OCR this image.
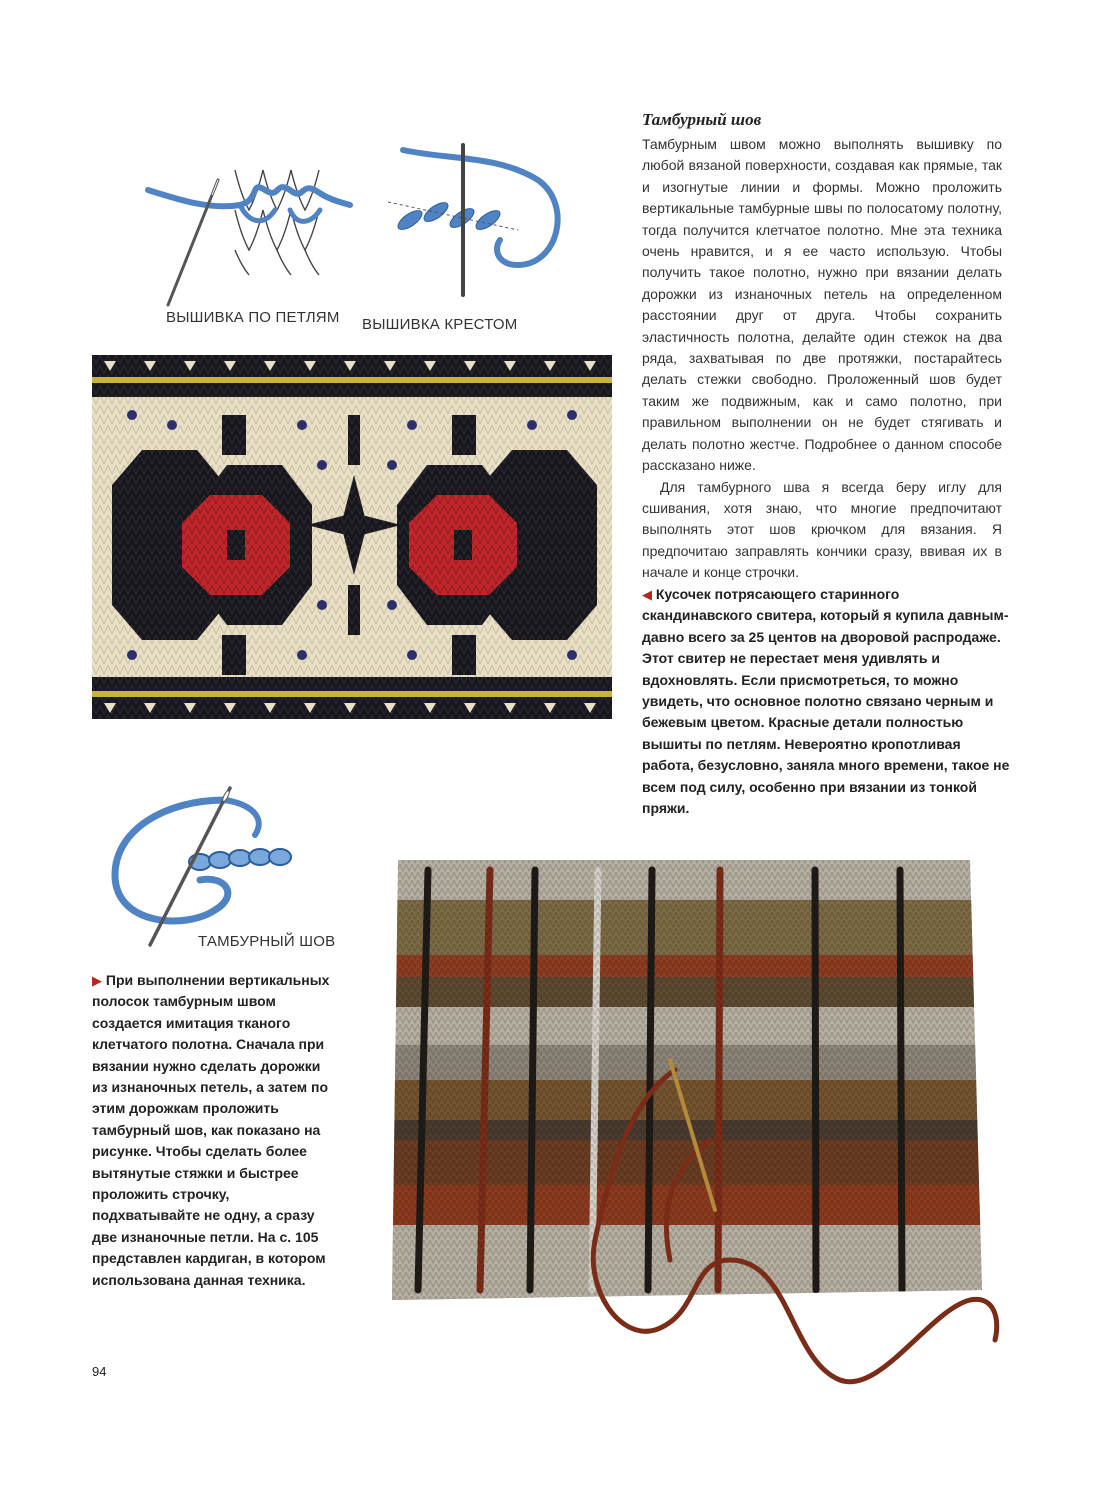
ВЫШИВКА ПО ПЕТЛЯМ ВЫШИВКА КРЕСТОМ
Тамбурный шов

Тамбурным швом можно выполнять вышивку по любой вязаной поверхности, создавая как прямые, так и изогнутые линии и формы. Можно проложить вертикальные тамбурные швы по полосатому полотну, тогда получится клетчатое полотно. Мне эта техника очень нравится, и я ее часто использую. Чтобы получить такое полотно, нужно при вязании делать дорожки из изнаночных петель на определенном расстоянии друг от друга. Чтобы сохранить эластичность полотна, делайте один стежок на два ряда, захватывая по две протяжки, постарайтесь делать стежки свободно. Проложенный шов будет таким же подвижным, как и само полотно, при правильном выполнении он не будет стягивать и делать полотно жестче. Подробнее о данном способе рассказано ниже.

Для тамбурного шва я всегда беру иглу для сшивания, хотя знаю, что многие предпочитают выполнять этот шов крючком для вязания. Я предпочитаю заправлять кончики сразу, ввивая их в начале и конце строчки.

◀ Кусочек потрясающего старинного скандинавского свитера, который я купила давным-давно всего за 25 центов на дворовой распродаже. Этот свитер не перестает меня удивлять и вдохновлять. Если присмотреться, то можно увидеть, что основное полотно связано черным и бежевым цветом. Красные детали полностью вышиты по петлям. Невероятно кропотливая работа, безусловно, заняла много времени, такое не всем под силу, особенно при вязании из тонкой пряжи.

ТАМБУРНЫЙ ШОВ

▶ При выполнении вертикальных полосок тамбурным швом создается имитация тканого клетчатого полотна. Сначала при вязании нужно сделать дорожки из изнаночных петель, а затем по этим дорожкам проложить тамбурный шов, как показано на рисунке. Чтобы сделать более вытянутые стяжки и быстрее проложить строчку, подхватывайте не одну, а сразу две изнаночные петли. На с. 105 представлен кардиган, в котором использована данная техника.

94
